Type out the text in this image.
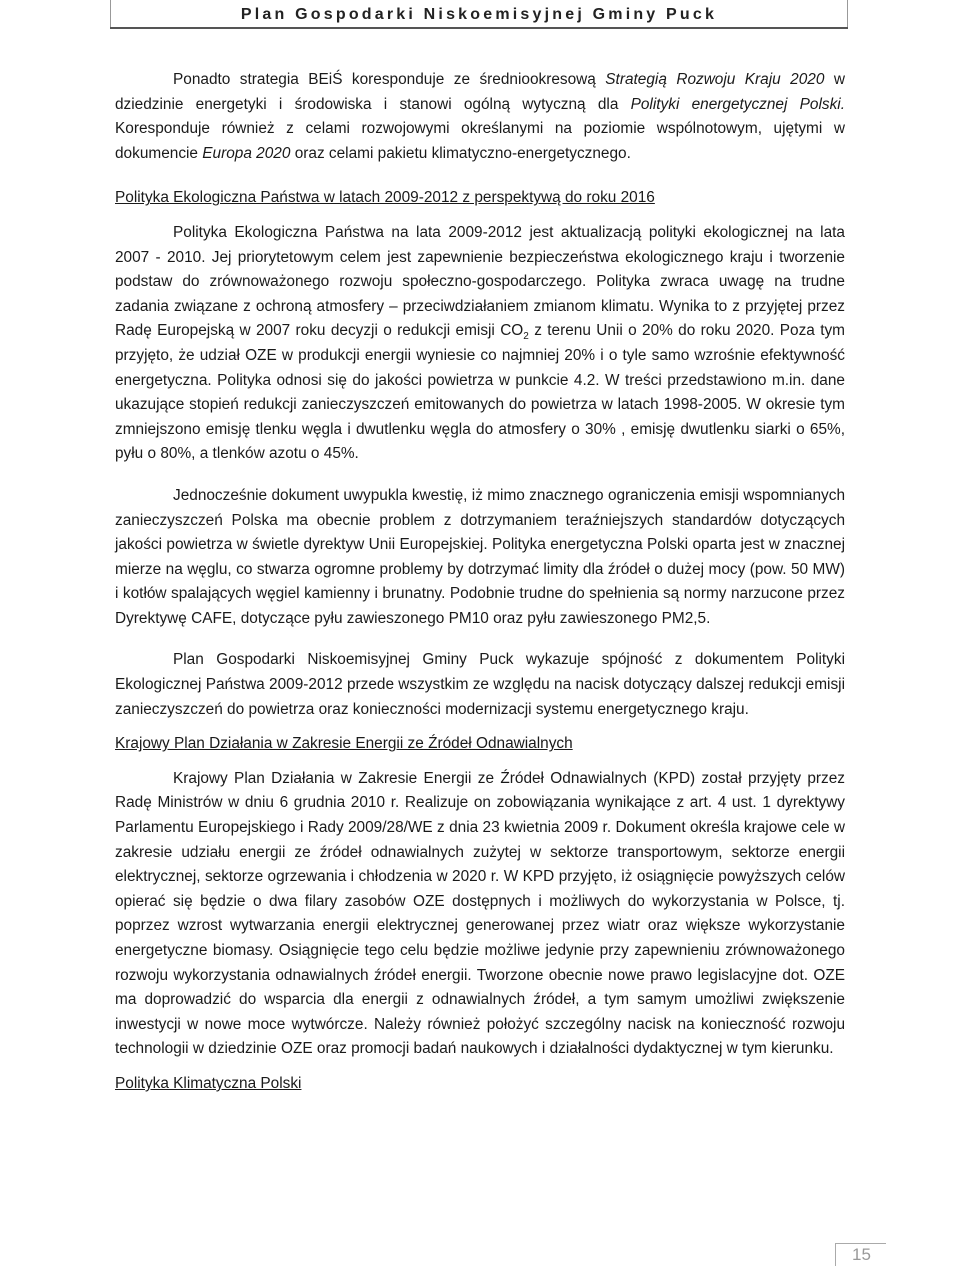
Plan Gospodarki Niskoemisyjnej Gminy Puck

Ponadto strategia BEiŚ koresponduje ze średniookresową Strategią Rozwoju Kraju 2020 w dziedzinie energetyki i środowiska i stanowi ogólną wytyczną dla Polityki energetycznej Polski. Koresponduje również z celami rozwojowymi określanymi na poziomie wspólnotowym, ujętymi w dokumencie Europa 2020 oraz celami pakietu klimatyczno-energetycznego.

Polityka Ekologiczna Państwa w latach 2009-2012 z perspektywą do roku 2016

Polityka Ekologiczna Państwa na lata 2009-2012 jest aktualizacją polityki ekologicznej na lata 2007 - 2010. Jej priorytetowym celem jest zapewnienie bezpieczeństwa ekologicznego kraju i tworzenie podstaw do zrównoważonego rozwoju społeczno-gospodarczego. Polityka zwraca uwagę na trudne zadania związane z ochroną atmosfery – przeciwdziałaniem zmianom klimatu. Wynika to z przyjętej przez Radę Europejską w 2007 roku decyzji o redukcji emisji $CO_2$ z terenu Unii o 20% do roku 2020. Poza tym przyjęto, że udział OZE w produkcji energii wyniesie co najmniej 20% i o tyle samo wzrośnie efektywność energetyczna. Polityka odnosi się do jakości powietrza w punkcie 4.2. W treści przedstawiono m.in. dane ukazujące stopień redukcji zanieczyszczeń emitowanych do powietrza w latach 1998-2005. W okresie tym zmniejszono emisję tlenku węgla i dwutlenku węgla do atmosfery o 30% , emisję dwutlenku siarki o 65%, pyłu o 80%, a tlenków azotu o 45%.

Jednocześnie dokument uwypukla kwestię, iż mimo znacznego ograniczenia emisji wspomnianych zanieczyszczeń Polska ma obecnie problem z dotrzymaniem teraźniejszych standardów dotyczących jakości powietrza w świetle dyrektyw Unii Europejskiej. Polityka energetyczna Polski oparta jest w znacznej mierze na węglu, co stwarza ogromne problemy by dotrzymać limity dla źródeł o dużej mocy (pow. 50 MW) i kotłów spalających węgiel kamienny i brunatny. Podobnie trudne do spełnienia są normy narzucone przez Dyrektywę CAFE, dotyczące pyłu zawieszonego PM10 oraz pyłu zawieszonego PM2,5.

Plan Gospodarki Niskoemisyjnej Gminy Puck wykazuje spójność z dokumentem Polityki Ekologicznej Państwa 2009-2012 przede wszystkim ze względu na nacisk dotyczący dalszej redukcji emisji zanieczyszczeń do powietrza oraz konieczności modernizacji systemu energetycznego kraju.

Krajowy Plan Działania w Zakresie Energii ze Źródeł Odnawialnych

Krajowy Plan Działania w Zakresie Energii ze Źródeł Odnawialnych (KPD) został przyjęty przez Radę Ministrów w dniu 6 grudnia 2010 r. Realizuje on zobowiązania wynikające z art. 4 ust. 1 dyrektywy Parlamentu Europejskiego i Rady 2009/28/WE z dnia 23 kwietnia 2009 r. Dokument określa krajowe cele w zakresie udziału energii ze źródeł odnawialnych zużytej w sektorze transportowym, sektorze energii elektrycznej, sektorze ogrzewania i chłodzenia w 2020 r. W KPD przyjęto, iż osiągnięcie powyższych celów opierać się będzie o dwa filary zasobów OZE dostępnych i możliwych do wykorzystania w Polsce, tj. poprzez wzrost wytwarzania energii elektrycznej generowanej przez wiatr oraz większe wykorzystanie energetyczne biomasy. Osiągnięcie tego celu będzie możliwe jedynie przy zapewnieniu zrównoważonego rozwoju wykorzystania odnawialnych źródeł energii. Tworzone obecnie nowe prawo legislacyjne dot. OZE ma doprowadzić do wsparcia dla energii z odnawialnych źródeł, a tym samym umożliwi zwiększenie inwestycji w nowe moce wytwórcze. Należy również położyć szczególny nacisk na konieczność rozwoju technologii w dziedzinie OZE oraz promocji badań naukowych i działalności dydaktycznej w tym kierunku.

Polityka Klimatyczna Polski

15
